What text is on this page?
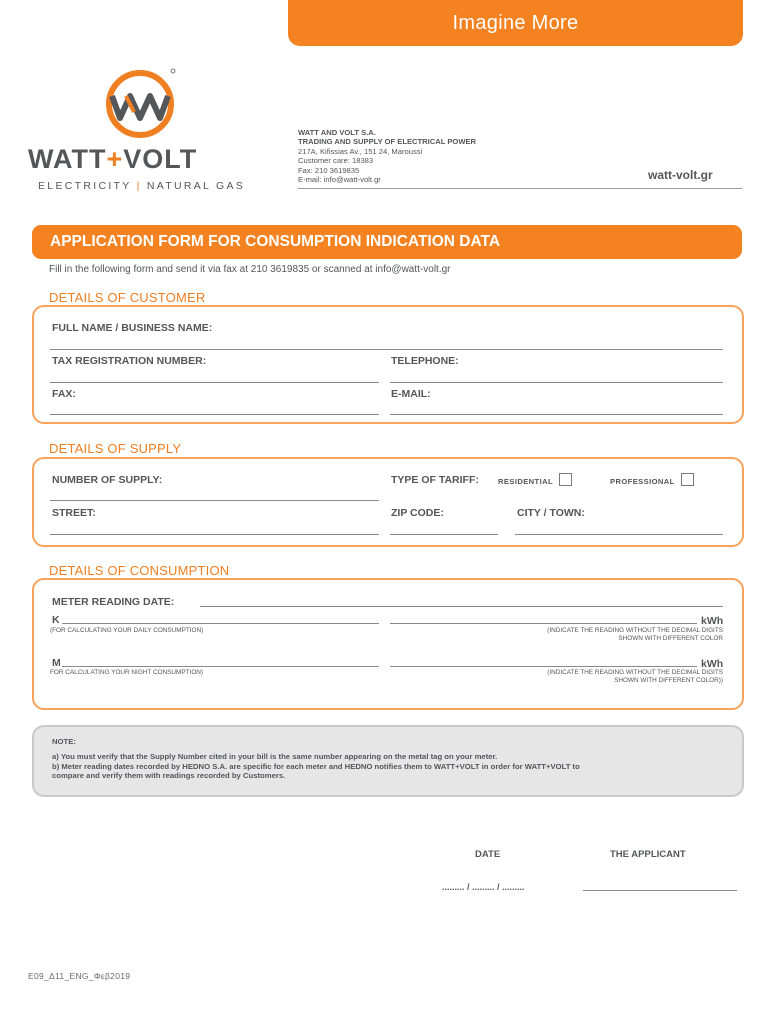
Imagine More
WATT+VOLT
ELECTRICITY | NATURAL GAS
WATT AND VOLT S.A.
TRADING AND SUPPLY OF ELECTRICAL POWER
217A, Kifissias Av., 151 24, Maroussi
Customer care: 18383
Fax: 210 3619835
E-mail: info@watt-volt.gr	watt-volt.gr
APPLICATION FORM FOR CONSUMPTION INDICATION DATA
Fill in the following form and send it via fax at 210 3619835 or scanned at info@watt-volt.gr
DETAILS OF CUSTOMER
FULL NAME / BUSINESS NAME:
TAX REGISTRATION NUMBER:	TELEPHONE:
FAX:	E-MAIL:
DETAILS OF SUPPLY
NUMBER OF SUPPLY:	TYPE OF TARIFF:	RESIDENTIAL	PROFESSIONAL
STREET:	ZIP CODE:	CITY / TOWN:
DETAILS OF CONSUMPTION
METER READING DATE:
K
(FOR CALCULATING YOUR DAILY CONSUMPTION)
kWh
(INDICATE THE READING WITHOUT THE DECIMAL DIGITS
SHOWN WITH DIFFERENT COLOR
M
FOR CALCULATING YOUR NIGHT CONSUMPTION)
kWh
(INDICATE THE READING WITHOUT THE DECIMAL DIGITS
SHOWN WITH DIFFERENT COLOR))
NOTE:
a) You must verify that the Supply Number cited in your bill is the same number appearing on the metal tag on your meter.
b) Meter reading dates recorded by HEDNO S.A. are specific for each meter and HEDNO notifies them to WATT+VOLT in order for WATT+VOLT to
compare and verify them with readings recorded by Customers.
DATE	THE APPLICANT
......... / ......... / .........
E09_Δ11_ENG_Φεβ2019
